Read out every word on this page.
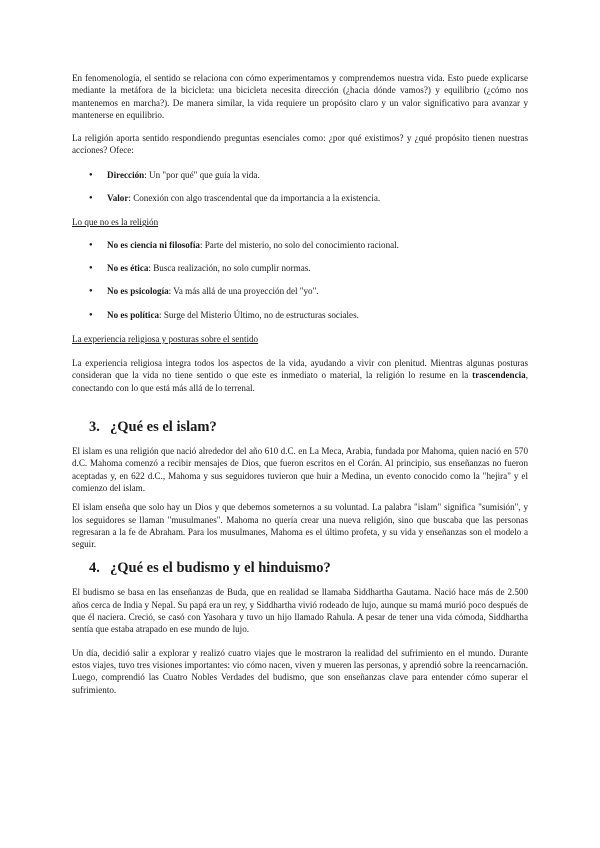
En fenomenología, el sentido se relaciona con cómo experimentamos y comprendemos nuestra vida. Esto puede explicarse mediante la metáfora de la bicicleta: una bicicleta necesita dirección (¿hacia dónde vamos?) y equilibrio (¿cómo nos mantenemos en marcha?). De manera similar, la vida requiere un propósito claro y un valor significativo para avanzar y mantenerse en equilibrio.

La religión aporta sentido respondiendo preguntas esenciales como: ¿por qué existimos? y ¿qué propósito tienen nuestras acciones? Ofece:

● Dirección: Un "por qué" que guía la vida.
● Valor: Conexión con algo trascendental que da importancia a la existencia.

Lo que no es la religión

● No es ciencia ni filosofía: Parte del misterio, no solo del conocimiento racional.
● No es ética: Busca realización, no solo cumplir normas.
● No es psicología: Va más allá de una proyección del "yo".
● No es política: Surge del Misterio Último, no de estructuras sociales.

La experiencia religiosa y posturas sobre el sentido

La experiencia religiosa integra todos los aspectos de la vida, ayudando a vivir con plenitud. Mientras algunas posturas consideran que la vida no tiene sentido o que este es inmediato o material, la religión lo resume en la trascendencia, conectando con lo que está más allá de lo terrenal.

3. ¿Qué es el islam?

El islam es una religión que nació alrededor del año 610 d.C. en La Meca, Arabia, fundada por Mahoma, quien nació en 570 d.C. Mahoma comenzó a recibir mensajes de Dios, que fueron escritos en el Corán. Al principio, sus enseñanzas no fueron aceptadas y, en 622 d.C., Mahoma y sus seguidores tuvieron que huir a Medina, un evento conocido como la "hejira" y el comienzo del islam.

El islam enseña que solo hay un Dios y que debemos someternos a su voluntad. La palabra "islam" significa "sumisión", y los seguidores se llaman "musulmanes". Mahoma no quería crear una nueva religión, sino que buscaba que las personas regresaran a la fe de Abraham. Para los musulmanes, Mahoma es el último profeta, y su vida y enseñanzas son el modelo a seguir.

4. ¿Qué es el budismo y el hinduismo?

El budismo se basa en las enseñanzas de Buda, que en realidad se llamaba Siddhartha Gautama. Nació hace más de 2.500 años cerca de India y Nepal. Su papá era un rey, y Siddhartha vivió rodeado de lujo, aunque su mamá murió poco después de que él naciera. Creció, se casó con Yasohara y tuvo un hijo llamado Rahula. A pesar de tener una vida cómoda, Siddhartha sentía que estaba atrapado en ese mundo de lujo.

Un día, decidió salir a explorar y realizó cuatro viajes que le mostraron la realidad del sufrimiento en el mundo. Durante estos viajes, tuvo tres visiones importantes: vio cómo nacen, viven y mueren las personas, y aprendió sobre la reencarnación. Luego, comprendió las Cuatro Nobles Verdades del budismo, que son enseñanzas clave para entender cómo superar el sufrimiento.
